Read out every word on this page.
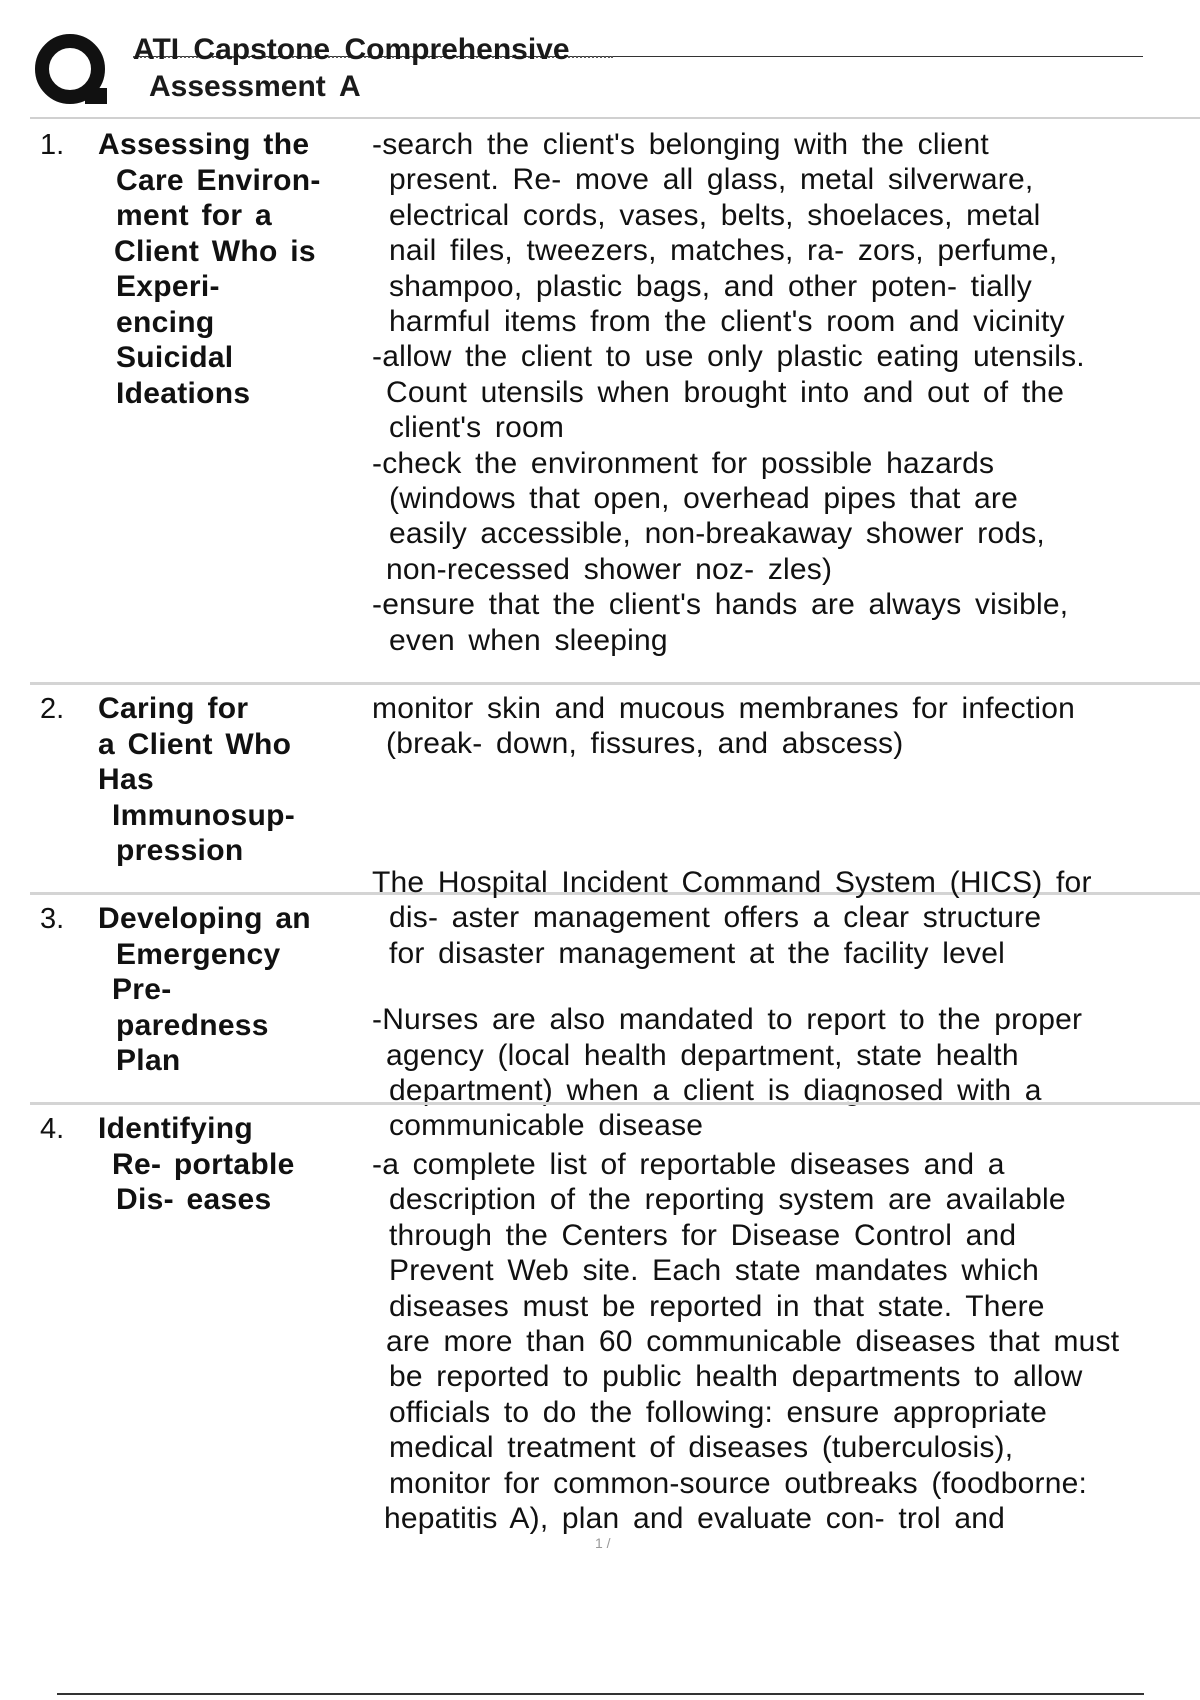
ATI Capstone Comprehensive
Assessment A
1. Assessing the
Care Environ-
ment for a
Client Who is
Experi-
encing
Suicidal
Ideations
-search the client's belonging with the client
present. Re- move all glass, metal silverware,
electrical cords, vases, belts, shoelaces, metal
nail files, tweezers, matches, ra- zors, perfume,
shampoo, plastic bags, and other poten- tially
harmful items from the client's room and vicinity
-allow the client to use only plastic eating utensils.
Count utensils when brought into and out of the
client's room
-check the environment for possible hazards
(windows that open, overhead pipes that are
easily accessible, non-breakaway shower rods,
non-recessed shower noz- zles)
-ensure that the client's hands are always visible,
even when sleeping
2. Caring for
a Client Who
Has
Immunosup-
pression
monitor skin and mucous membranes for infection
(break- down, fissures, and abscess)
3. Developing an
Emergency
Pre-
paredness
Plan
The Hospital Incident Command System (HICS) for
dis- aster management offers a clear structure
for disaster management at the facility level
-Nurses are also mandated to report to the proper
agency (local health department, state health
department) when a client is diagnosed with a
communicable disease
4. Identifying
Re- portable
Dis- eases
-a complete list of reportable diseases and a
description of the reporting system are available
through the Centers for Disease Control and
Prevent Web site. Each state mandates which
diseases must be reported in that state. There
are more than 60 communicable diseases that must
be reported to public health departments to allow
officials to do the following: ensure appropriate
medical treatment of diseases (tuberculosis),
monitor for common-source outbreaks (foodborne:
hepatitis A), plan and evaluate con- trol and
1 /
